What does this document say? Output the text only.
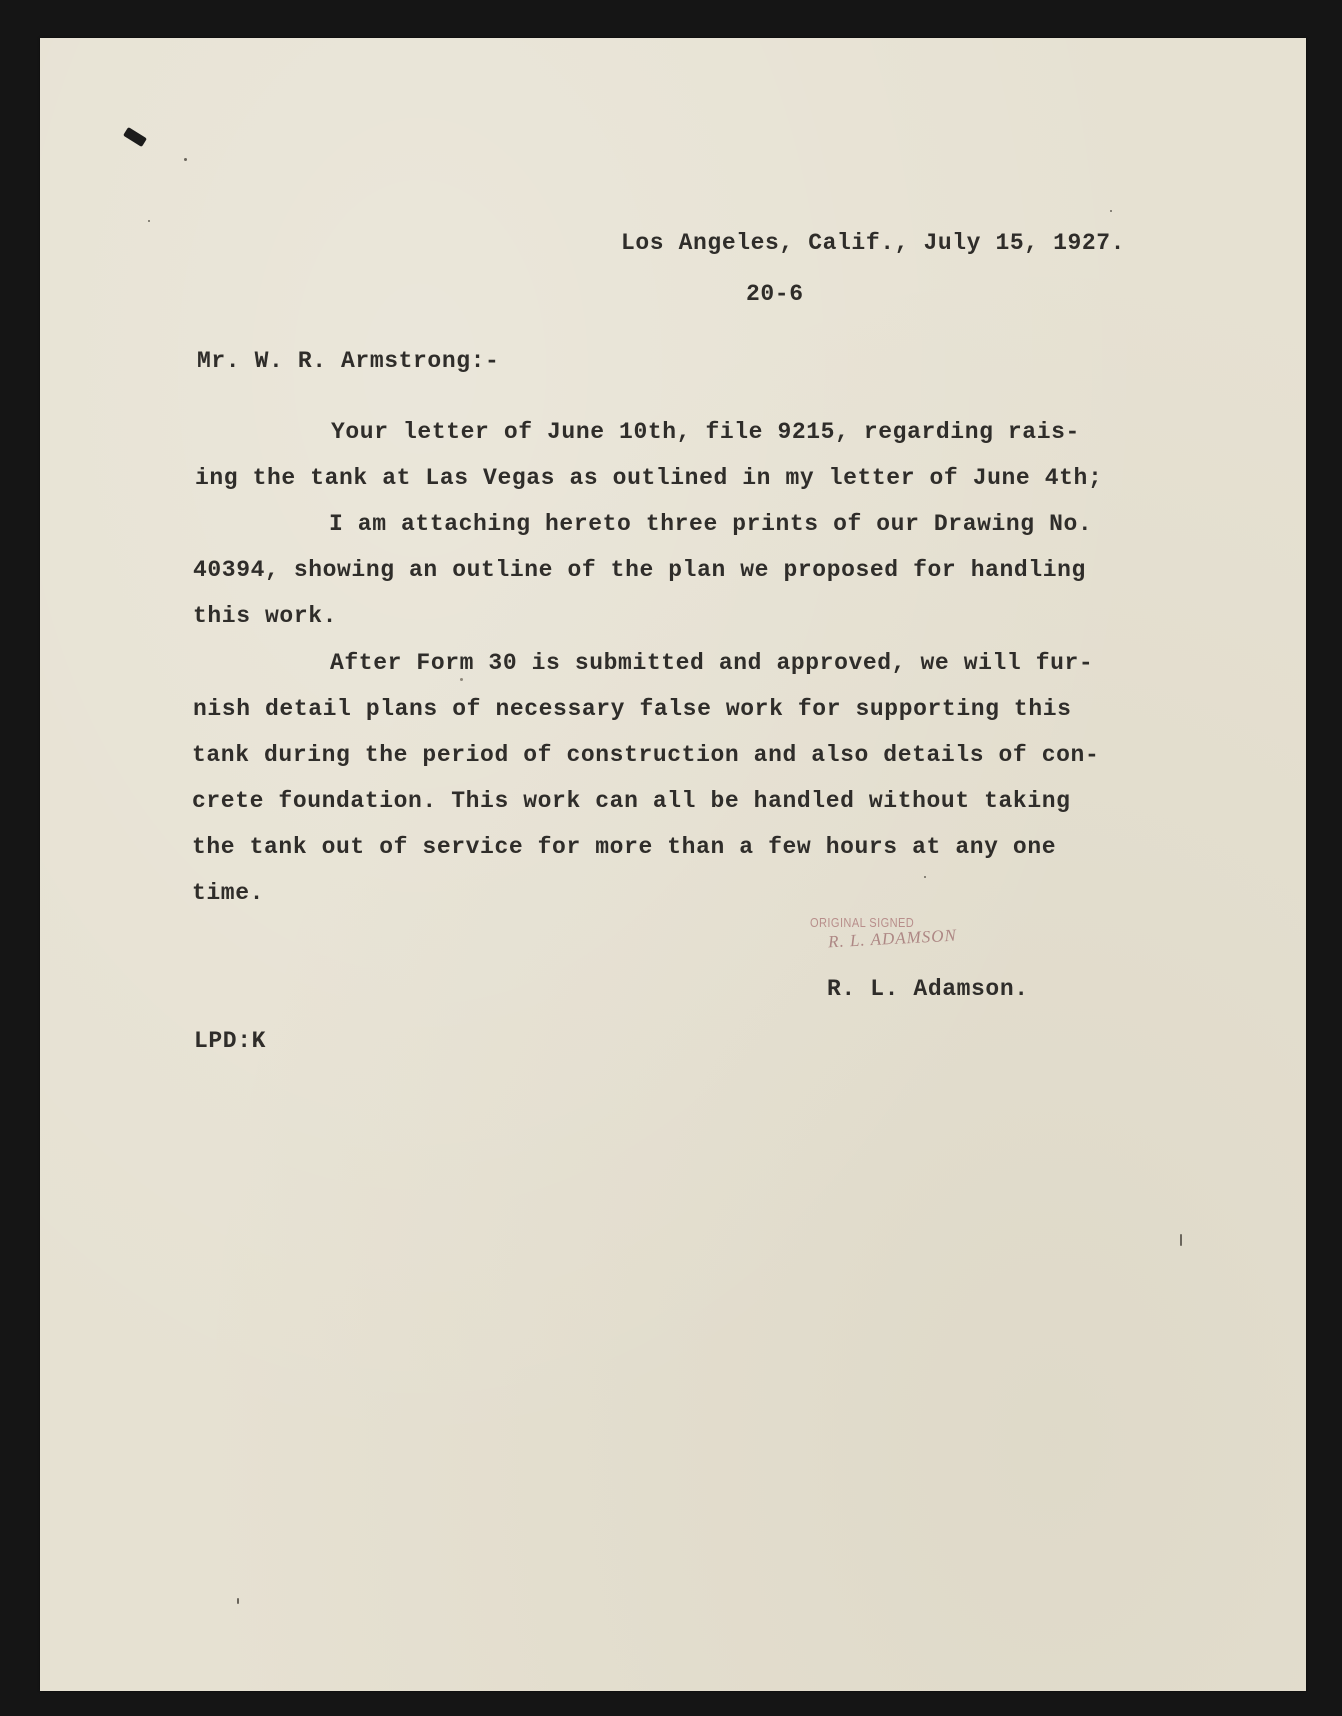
Los Angeles, Calif., July 15, 1927.
20-6
Mr. W. R. Armstrong:-
Your letter of June 10th, file 9215, regarding rais-
ing the tank at Las Vegas as outlined in my letter of June 4th;
I am attaching hereto three prints of our Drawing No.
40394, showing an outline of the plan we proposed for handling
this work.
After Form 30 is submitted and approved, we will fur-
nish detail plans of necessary false work for supporting this
tank during the period of construction and also details of con-
crete foundation. This work can all be handled without taking
the tank out of service for more than a few hours at any one
time.
ORIGINAL SIGNED
R. L. ADAMSON
R. L. Adamson.
LPD:K
